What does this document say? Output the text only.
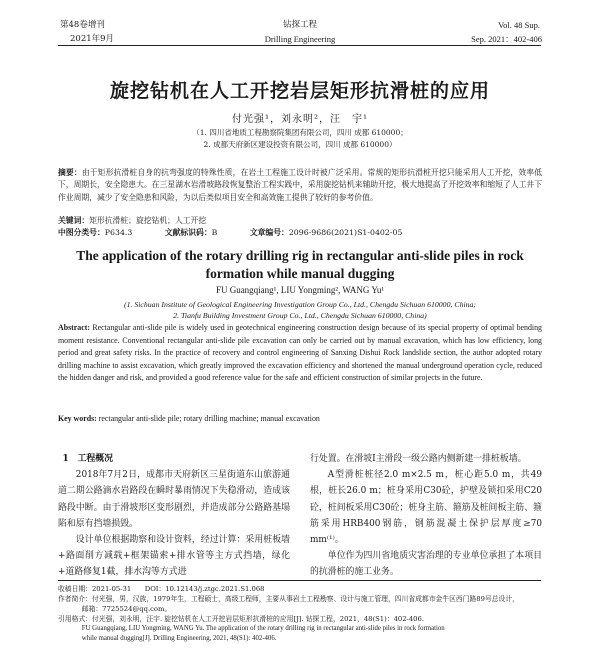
第48卷增刊
2021年9月
钻探工程
Drilling Engineering
Vol. 48 Sup.
Sep. 2021：402-406
旋挖钻机在人工开挖岩层矩形抗滑桩的应用
付光强¹，刘永明²，汪　宇¹
（1. 四川省地质工程勘察院集团有限公司，四川 成都 610000；
2. 成都天府新区建设投资有限公司，四川 成都 610000）
摘要：由于矩形抗滑桩自身的抗弯强度的特殊性质，在岩土工程施工设计时被广泛采用。常规的矩形抗滑桩开挖只能采用人工开挖，效率低下，周期长，安全隐患大。在三星湖水岩滑坡路段恢复整治工程实践中，采用旋挖钻机来辅助开挖，极大地提高了开挖效率和缩短了人工井下作业周期，减少了安全隐患和风险，为以后类似项目安全和高效施工提供了较好的参考价值。
关键词：矩形抗滑桩；旋挖钻机；人工开挖
中图分类号：P634.3	文献标识码：B	文章编号：2096-9686(2021)S1-0402-05
The application of the rotary drilling rig in rectangular anti-slide piles in rock formation while manual dugging
FU Guangqiang¹, LIU Yongming², WANG Yu¹
(1. Sichuan Institute of Geological Engineering Investigation Group Co., Ltd., Chengdu Sichuan 610000, China;
2. Tianfu Building Investment Group Co., Ltd., Chengdu Sichuan 610000, China)
Abstract: Rectangular anti-slide pile is widely used in geotechnical engineering construction design because of its special property of optimal bending moment resistance. Conventional rectangular anti-slide pile excavation can only be carried out by manual excavation, which has low efficiency, long period and great safety risks. In the practice of recovery and control engineering of Sanxing Dishui Rock landslide section, the author adopted rotary drilling machine to assist excavation, which greatly improved the excavation efficiency and shortened the manual underground operation cycle, reduced the hidden danger and risk, and provided a good reference value for the safe and efficient construction of similar projects in the future.
Key words: rectangular anti-slide pile; rotary drilling machine; manual excavation

1　工程概况

2018年7月2日，成都市天府新区三星街道东山旅游通道二期公路滴水岩路段在瞬时暴雨情况下失稳滑动，造成该路段中断。由于滑坡形区变形剧烈，并造成部分公路路基塌陷和原有挡墙损毁。

设计单位根据勘察和设计资料，经过计算：采用桩板墙+路面削方减载+框架锚索+排水管等主方式挡墙，绿化+道路修复1截，排水沟等方式进

行处置。在滑坡Ⅰ主滑段一级公路内侧新建一排桩板墙。

A型滑桩桩径2.0 m×2.5 m，桩心距5.0 m，共49根，桩长26.0 m；桩身采用C30砼，护壁及锁扣采用C20砼，桩间板采用C30砼；桩身主筋、箍筋及桩间板主筋、箍筋采用HRB400钢筋，钢筋混凝土保护层厚度≥70 mm⁽¹⁾。

单位作为四川省地质灾害治理的专业单位承担了本项目的抗滑桩的施工业务。

收稿日期：2021-05-31　　DOI：10.12143/j.ztgc.2021.S1.068

作者简介：付光强，男，汉族，1979年生，工程硕士，高级工程师，主要从事岩土工程勘察、设计与施工管理，四川省成都市金牛区西门路89号总设计，

邮箱：7725524@qq.com。

引用格式：付光强，刘永明，汪宇. 旋挖钻机在人工开挖岩层矩形抗滑桩的应用[J]. 钻探工程，2021，48(S1)：402-406.

FU Guangqiang, LIU Yongming, WANG Yu. The application of the rotary drilling rig in rectangular anti-slide piles in rock formation

while manual dugging[J]. Drilling Engineering, 2021, 48(S1): 402-406.
